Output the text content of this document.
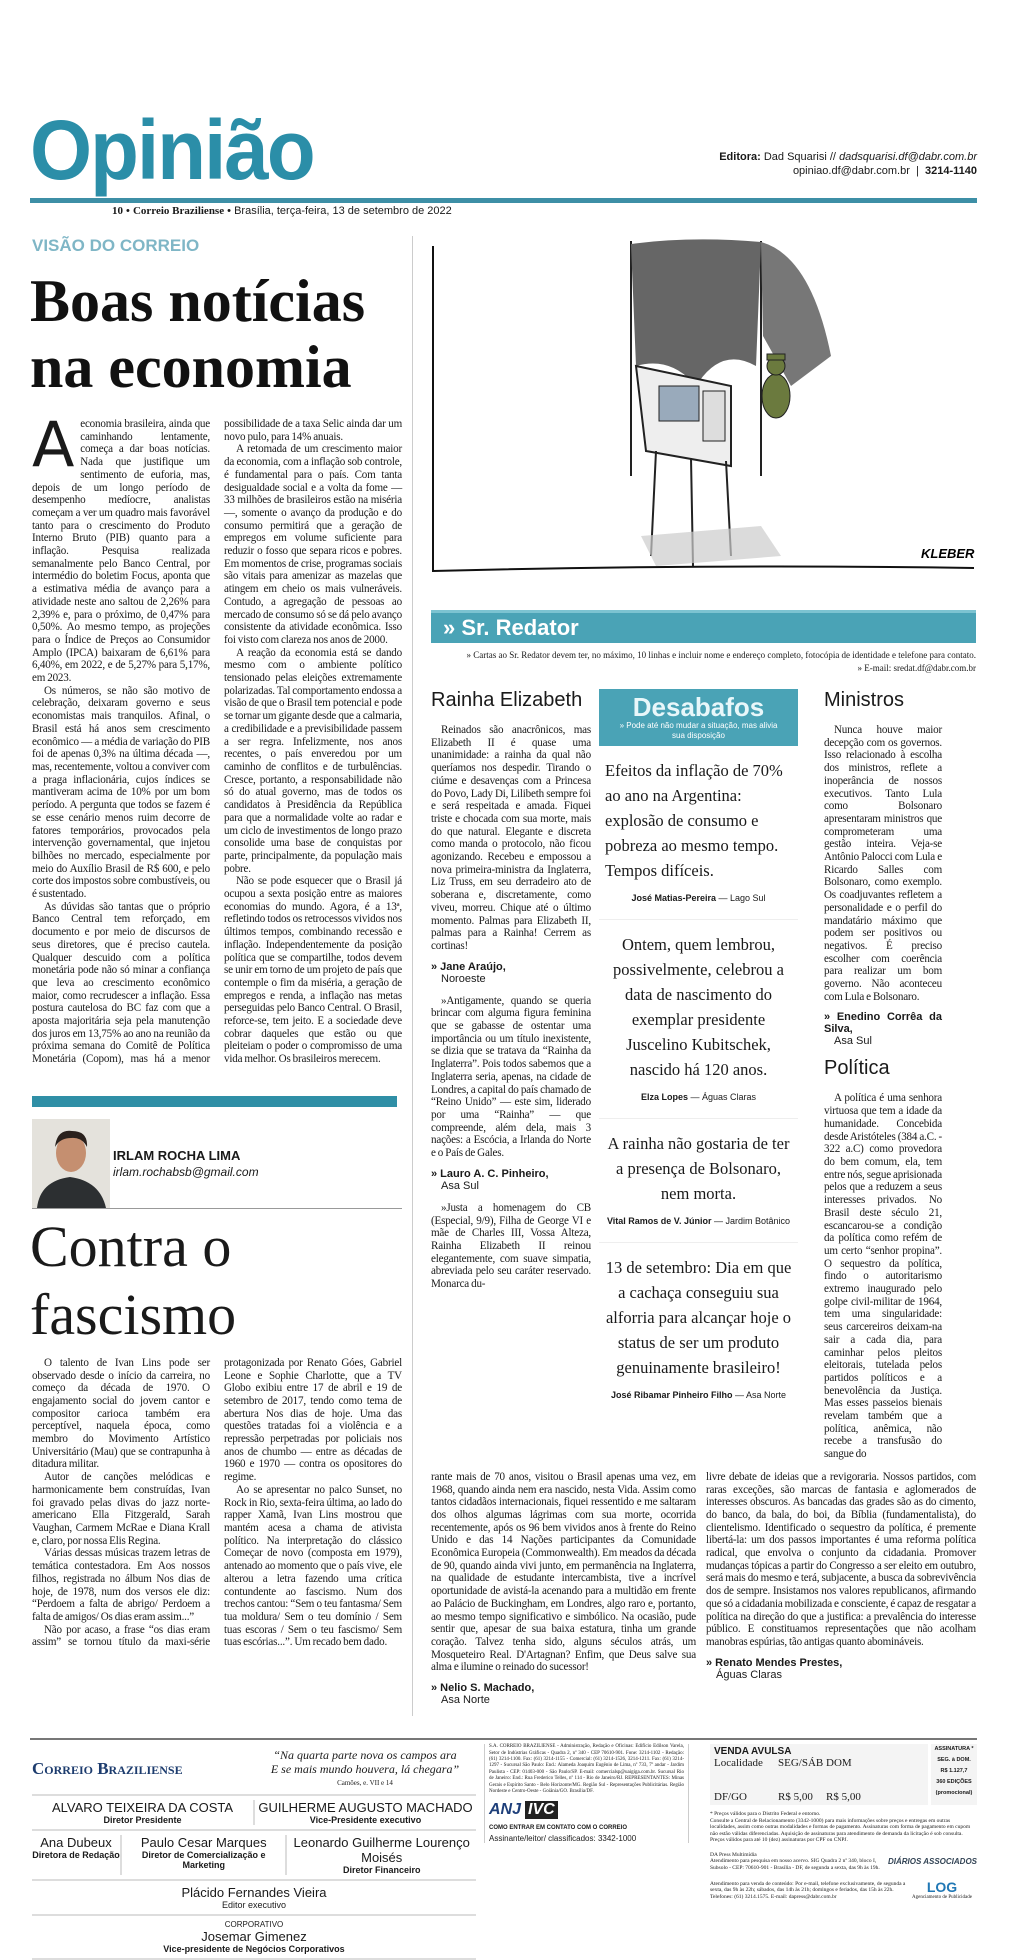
Opinião	Editora: Dad Squarisi // dadsquarisi.df@dabr.com.br
opiniao.df@dabr.com.br  |  3214-1140
10 • Correio Braziliense • Brasília, terça-feira, 13 de setembro de 2022
VISÃO DO CORREIO
Boas notícias
na economia
A economia brasileira, ainda que caminhando lentamente, começa a dar boas notícias. Nada que justifique um sentimento de euforia, mas, depois de um longo período de desempenho medíocre, analistas começam a ver um quadro mais favorável tanto para o crescimento do Produto Interno Bruto (PIB) quanto para a inflação. Pesquisa realizada semanalmente pelo Banco Central, por intermédio do boletim Focus, aponta que a estimativa média de avanço para a atividade neste ano saltou de 2,26% para 2,39% e, para o próximo, de 0,47% para 0,50%. Ao mesmo tempo, as projeções para o Índice de Preços ao Consumidor Amplo (IPCA) baixaram de 6,61% para 6,40%, em 2022, e de 5,27% para 5,17%, em 2023.

Os números, se não são motivo de celebração, deixaram governo e seus economistas mais tranquilos. Afinal, o Brasil está há anos sem crescimento econômico — a média de variação do PIB foi de apenas 0,3% na última década —, mas, recentemente, voltou a conviver com a praga inflacionária, cujos índices se mantiveram acima de 10% por um bom período. A pergunta que todos se fazem é se esse cenário menos ruim decorre de fatores temporários, provocados pela intervenção governamental, que injetou bilhões no mercado, especialmente por meio do Auxílio Brasil de R$ 600, e pelo corte dos impostos sobre combustíveis, ou é sustentado.

As dúvidas são tantas que o próprio Banco Central tem reforçado, em documento e por meio de discursos de seus diretores, que é preciso cautela. Qualquer descuido com a política monetária pode não só minar a confiança que leva ao crescimento econômico maior, como recrudescer a inflação. Essa postura cautelosa do BC faz com que a aposta majoritária seja pela manutenção dos juros em 13,75% ao ano na reunião da próxima semana do Comitê de Política Monetária (Copom), mas há a menor possibilidade de a taxa Selic ainda dar um novo pulo, para 14% anuais.

A retomada de um crescimento maior da economia, com a inflação sob controle, é fundamental para o país. Com tanta desigualdade social e a volta da fome — 33 milhões de brasileiros estão na miséria —, somente o avanço da produção e do consumo permitirá que a geração de empregos em volume suficiente para reduzir o fosso que separa ricos e pobres. Em momentos de crise, programas sociais são vitais para amenizar as mazelas que atingem em cheio os mais vulneráveis. Contudo, a agregação de pessoas ao mercado de consumo só se dá pelo avanço consistente da atividade econômica. Isso foi visto com clareza nos anos de 2000.

A reação da economia está se dando mesmo com o ambiente político tensionado pelas eleições extremamente polarizadas. Tal comportamento endossa a visão de que o Brasil tem potencial e pode se tornar um gigante desde que a calmaria, a credibilidade e a previsibilidade passem a ser regra. Infelizmente, nos anos recentes, o país enveredou por um caminho de conflitos e de turbulências. Cresce, portanto, a responsabilidade não só do atual governo, mas de todos os candidatos à Presidência da República para que a normalidade volte ao radar e um ciclo de investimentos de longo prazo consolide uma base de conquistas por parte, principalmente, da população mais pobre.

Não se pode esquecer que o Brasil já ocupou a sexta posição entre as maiores economias do mundo. Agora, é a 13ª, refletindo todos os retrocessos vividos nos últimos tempos, combinando recessão e inflação. Independentemente da posição política que se compartilhe, todos devem se unir em torno de um projeto de país que contemple o fim da miséria, a geração de empregos e renda, a inflação nas metas perseguidas pelo Banco Central. O Brasil, reforce-se, tem jeito. E a sociedade deve cobrar daqueles que estão ou que pleiteiam o poder o compromisso de uma vida melhor. Os brasileiros merecem.

IRLAM ROCHA LIMA
irlam.rochabsb@gmail.com
Contra o fascismo

O talento de Ivan Lins pode ser observado desde o início da carreira, no começo da década de 1970. O engajamento social do jovem cantor e compositor carioca também era perceptível, naquela época, como membro do Movimento Artístico Universitário (Mau) que se contrapunha à ditadura militar.

Autor de canções melódicas e harmonicamente bem construídas, Ivan foi gravado pelas divas do jazz norte-americano Ella Fitzgerald, Sarah Vaughan, Carmem McRae e Diana Krall e, claro, por nossa Elis Regina.

Várias dessas músicas trazem letras de temática contestadora. Em Aos nossos filhos, registrada no álbum Nos dias de hoje, de 1978, num dos versos ele diz: “Perdoem a falta de abrigo/ Perdoem a falta de amigos/ Os dias eram assim...”

Não por acaso, a frase “os dias eram assim” se tornou título da maxi-série protagonizada por Renato Góes, Gabriel Leone e Sophie Charlotte, que a TV Globo exibiu entre 17 de abril e 19 de setembro de 2017, tendo como tema de abertura Nos dias de hoje. Uma das questões tratadas foi a violência e a repressão perpetradas por policiais nos anos de chumbo — entre as décadas de 1960 e 1970 — contra os opositores do regime.

Ao se apresentar no palco Sunset, no Rock in Rio, sexta-feira última, ao lado do rapper Xamã, Ivan Lins mostrou que mantém acesa a chama de ativista político. Na interpretação do clássico Começar de novo (composta em 1979), antenado ao momento que o país vive, ele alterou a letra fazendo uma crítica contundente ao fascismo. Num dos trechos cantou: “Sem o teu fantasma/ Sem tua moldura/ Sem o teu domínio / Sem tuas escoras / Sem o teu fascismo/ Sem tuas escórias...”. Um recado bem dado.

KLEBER
» Sr. Redator
» Cartas ao Sr. Redator devem ter, no máximo, 10 linhas e incluir nome e endereço completo, fotocópia de identidade e telefone para contato.
» E-mail: sredat.df@dabr.com.br
Rainha Elizabeth

Reinados são anacrônicos, mas Elizabeth II é quase uma unanimidade: a rainha da qual não queríamos nos despedir. Tirando o ciúme e desavenças com a Princesa do Povo, Lady Di, Lilibeth sempre foi e será respeitada e amada. Fiquei triste e chocada com sua morte, mais do que natural. Elegante e discreta como manda o protocolo, não ficou agonizando. Recebeu e empossou a nova primeira-ministra da Inglaterra, Liz Truss, em seu derradeiro ato de soberana e, discretamente, como viveu, morreu. Chique até o último momento. Palmas para Elizabeth II, palmas para a Rainha! Cerrem as cortinas!

» Jane Araújo,
Noroeste

»Antigamente, quando se queria brincar com alguma figura feminina que se gabasse de ostentar uma importância ou um título inexistente, se dizia que se tratava da “Rainha da Inglaterra”. Pois todos sabemos que a Inglaterra seria, apenas, na cidade de Londres, a capital do país chamado de “Reino Unido” — este sim, liderado por uma “Rainha” — que compreende, além dela, mais 3 nações: a Escócia, a Irlanda do Norte e o País de Gales.

» Lauro A. C. Pinheiro,
Asa Sul

»Justa a homenagem do CB (Especial, 9/9), Filha de George VI e mãe de Charles III, Vossa Alteza, Rainha Elizabeth II reinou elegantemente, com suave simpatia, abreviada pelo seu caráter reservado. Monarca du-

Desabafos
» Pode até não mudar a situação, mas alivia sua disposição
Efeitos da inflação de 70% ao ano na Argentina: explosão de consumo e pobreza ao mesmo tempo. Tempos difíceis.
José Matias-Pereira — Lago Sul
Ontem, quem lembrou, possivelmente, celebrou a data de nascimento do exemplar presidente Juscelino Kubitschek, nascido há 120 anos.
Elza Lopes — Águas Claras
A rainha não gostaria de ter a presença de Bolsonaro, nem morta.
Vital Ramos de V. Júnior — Jardim Botânico
13 de setembro: Dia em que a cachaça conseguiu sua alforria para alcançar hoje o status de ser um produto genuinamente brasileiro!
José Ribamar Pinheiro Filho — Asa Norte
Ministros

Nunca houve maior decepção com os governos. Isso relacionado à escolha dos ministros, reflete a inoperância de nossos executivos. Tanto Lula como Bolsonaro apresentaram ministros que comprometeram uma gestão inteira. Veja-se Antônio Palocci com Lula e Ricardo Salles com Bolsonaro, como exemplo. Os coadjuvantes refletem a personalidade e o perfil do mandatário máximo que podem ser positivos ou negativos. É preciso escolher com coerência para realizar um bom governo. Não aconteceu com Lula e Bolsonaro.

» Enedino Corrêa da Silva,
Asa Sul
Política

A política é uma senhora virtuosa que tem a idade da humanidade. Concebida desde Aristóteles (384 a.C. - 322 a.C) como provedora do bem comum, ela, tem entre nós, segue aprisionada pelos que a reduzem a seus interesses privados. No Brasil deste século 21, escancarou-se a condição da política como refém de um certo “senhor propina”. O sequestro da política, findo o autoritarismo extremo inaugurado pelo golpe civil-militar de 1964, tem uma singularidade: seus carcereiros deixam-na sair a cada dia, para caminhar pelos pleitos eleitorais, tutelada pelos partidos políticos e a benevolência da Justiça. Mas esses passeios bienais revelam também que a política, anêmica, não recebe a transfusão do sangue do

rante mais de 70 anos, visitou o Brasil apenas uma vez, em 1968, quando ainda nem era nascido, nesta Vida. Assim como tantos cidadãos internacionais, fiquei ressentido e me saltaram dos olhos algumas lágrimas com sua morte, ocorrida recentemente, após os 96 bem vividos anos à frente do Reino Unido e das 14 Nações participantes da Comunidade Econômica Europeia (Commonwealth). Em meados da década de 90, quando ainda vivi junto, em permanência na Inglaterra, na qualidade de estudante intercambista, tive a incrível oportunidade de avistá-la acenando para a multidão em frente ao Palácio de Buckingham, em Londres, algo raro e, portanto, ao mesmo tempo significativo e simbólico. Na ocasião, pude sentir que, apesar de sua baixa estatura, tinha um grande coração. Talvez tenha sido, alguns séculos atrás, um Mosqueteiro Real. D'Artagnan? Enfim, que Deus salve sua alma e ilumine o reinado do sucessor!

» Nelio S. Machado,
Asa Norte

livre debate de ideias que a revigoraria. Nossos partidos, com raras exceções, são marcas de fantasia e aglomerados de interesses obscuros. As bancadas das grades são as do cimento, do banco, da bala, do boi, da Bíblia (fundamentalista), do clientelismo. Identificado o sequestro da política, é premente libertá-la: um dos passos importantes é uma reforma política radical, que envolva o conjunto da cidadania. Promover mudanças tópicas a partir do Congresso a ser eleito em outubro, será mais do mesmo e terá, subjacente, a busca da sobrevivência dos de sempre. Insistamos nos valores republicanos, afirmando que só a cidadania mobilizada e consciente, é capaz de resgatar a política na direção do que a justifica: a prevalência do interesse público. E constituamos representações que não acolham manobras espúrias, tão antigas quanto abomináveis.

» Renato Mendes Prestes,
Águas Claras
Correio Braziliense
“Na quarta parte nova os campos ara
E se mais mundo houvera, lá chegara”
Camões, e. VII e 14
ALVARO TEIXEIRA DA COSTA
Diretor Presidente
GUILHERME AUGUSTO MACHADO
Vice-Presidente executivo
Ana Dubeux
Diretora de Redação
Paulo Cesar Marques
Diretor de Comercialização e Marketing
Leonardo Guilherme Lourenço Moisés
Diretor Financeiro
Plácido Fernandes Vieira
Editor executivo
CORPORATIVO
Josemar Gimenez
Vice-presidente de Negócios Corporativos
S.A. CORREIO BRAZILIENSE - Administração, Redação e Oficinas: Edifício Edilson Varela, Setor de Indústrias Gráficas - Quadra 2, nº 340 - CEP 70610-901. Fone: 3214-1102 - Redação: (61) 3214-1100. Fax: (61) 3214-1155 - Comercial: (61) 3214-1526, 3214-1211. Fax: (61) 3214-1297 - Sucursal São Paulo: End.: Alameda Joaquim Eugênio de Lima, nº 733, 7º andar - Jardim Paulista - CEP: 01403-000 - São Paulo/SP. E-mail: comercialsp@uaigiga.com.br. Sucursal Rio de Janeiro: End.: Rua Frederico Telles, nº 114 - Rio de Janeiro/RJ. REPRESENTANTES: Minas Gerais e Espírito Santo - Belo Horizonte/MG. Região Sul - Representações Publicitárias. Região Nordeste e Centro-Oeste - Goiânia/GO. Brasília/DF.
ANJ IVC
COMO ENTRAR EM CONTATO COM O CORREIO
Assinante/leitor/ classificados: 3342-1000
VENDA AVULSA
Localidade	SEG/SÁB DOM
DF/GO	R$ 5,00	R$ 5,00
ASSINATURA *
SEG. à DOM.
R$ 1.127,7
360 EDIÇÕES
(promocional)
* Preços válidos para o Distrito Federal e entorno.
Consulte a Central de Relacionamento (3342-1000) para mais informações sobre preços e entregas em outras localidades, assim como outras modalidades e formas de pagamento. Assinaturas com forma de pagamento em cupom não estão válidas diferenciadas. Aquisição de assinaturas para atendimento de demanda da licitação é sob consulta. Preços válidos para até 10 (dez) assinaturas por CPF ou CNPJ.
DA Press Multimídia
Atendimento para pesquisa em nosso acervo. SIG Quadra 2 nº 340, bloco I, Subsolo - CEP: 70610-901 - Brasília - DF, de segunda a sexta, das 9h às 19h.
DIÁRIOS ASSOCIADOS
Atendimento para venda de conteúdo: Por e-mail, telefone exclusivamente, de segunda a sexta, das 9h às 22h; sábados, das 14h às 21h; domingos e feriados, das 15h às 22h. Telefones: (61) 3214.1575. E-mail: dapress@dabr.com.br
LOG
Agenciamento de Publicidade
